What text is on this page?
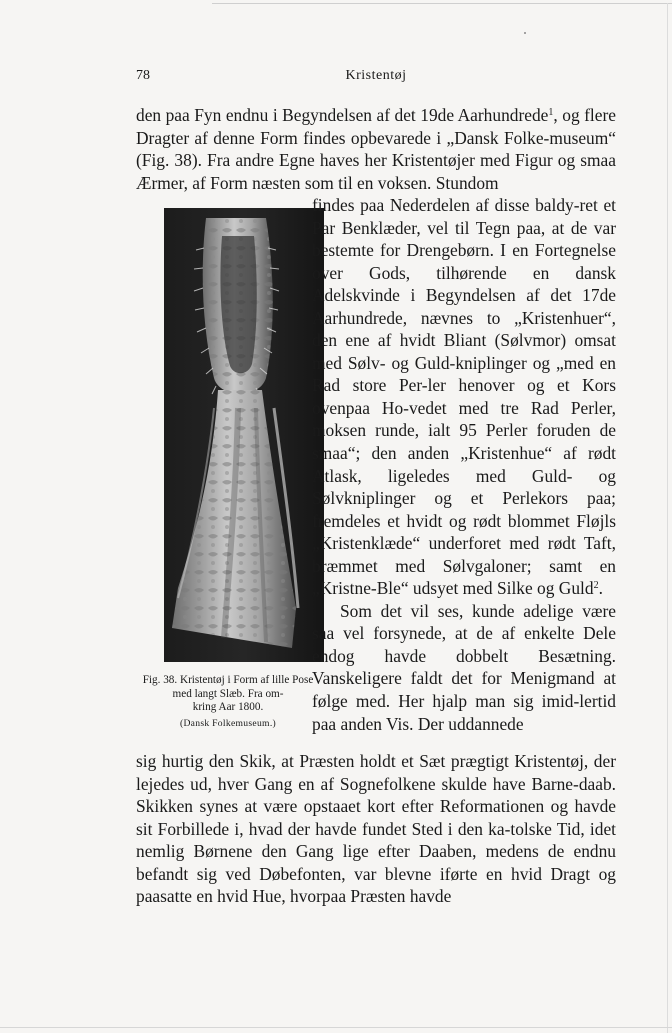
Kristentøj
78

den paa Fyn endnu i Begyndelsen af det 19de Aarhundrede$^1$, og flere Dragter af denne Form findes opbevarede i „Dansk Folke-museum“ (Fig. 38). Fra andre Egne haves her Kristentøjer med Figur og smaa Ærmer, af Form næsten som til en voksen. Stundom

Fig. 38. Kristentøj i Form af lille Pose med langt Slæb. Fra om-
kring Aar 1800.
(Dansk Folkemuseum.)

findes paa Nederdelen af disse baldy-ret et Par Benklæder, vel til Tegn paa, at de var bestemte for Drengebørn. I en Fortegnelse over Gods, tilhørende en dansk Adelskvinde i Begyndelsen af det 17de Aarhundrede, nævnes to „Kristenhuer“, den ene af hvidt Bliant (Sølvmor) omsat med Sølv- og Guld-kniplinger og „med en Rad store Per-ler henover og et Kors ovenpaa Ho-vedet med tre Rad Perler, moksen runde, ialt 95 Perler foruden de smaa“; den anden „Kristenhue“ af rødt Atlask, ligeledes med Guld- og Sølvkniplinger og et Perlekors paa; fremdeles et hvidt og rødt blommet Fløjls „Kristenklæde“ underforet med rødt Taft, bræmmet med Sølvgaloner; samt en „Kristne-Ble“ udsyet med Silke og Guld$^2$.

Som det vil ses, kunde adelige være saa vel forsynede, at de af enkelte Dele endog havde dobbelt Besætning. Vanskeligere faldt det for Menigmand at følge med. Her hjalp man sig imid-lertid paa anden Vis. Der uddannede

sig hurtig den Skik, at Præsten holdt et Sæt prægtigt Kristentøj, der lejedes ud, hver Gang en af Sognefolkene skulde have Barne-daab. Skikken synes at være opstaaet kort efter Reformationen og havde sit Forbillede i, hvad der havde fundet Sted i den ka-tolske Tid, idet nemlig Børnene den Gang lige efter Daaben, medens de endnu befandt sig ved Døbefonten, var blevne iførte en hvid Dragt og paasatte en hvid Hue, hvorpaa Præsten havde
